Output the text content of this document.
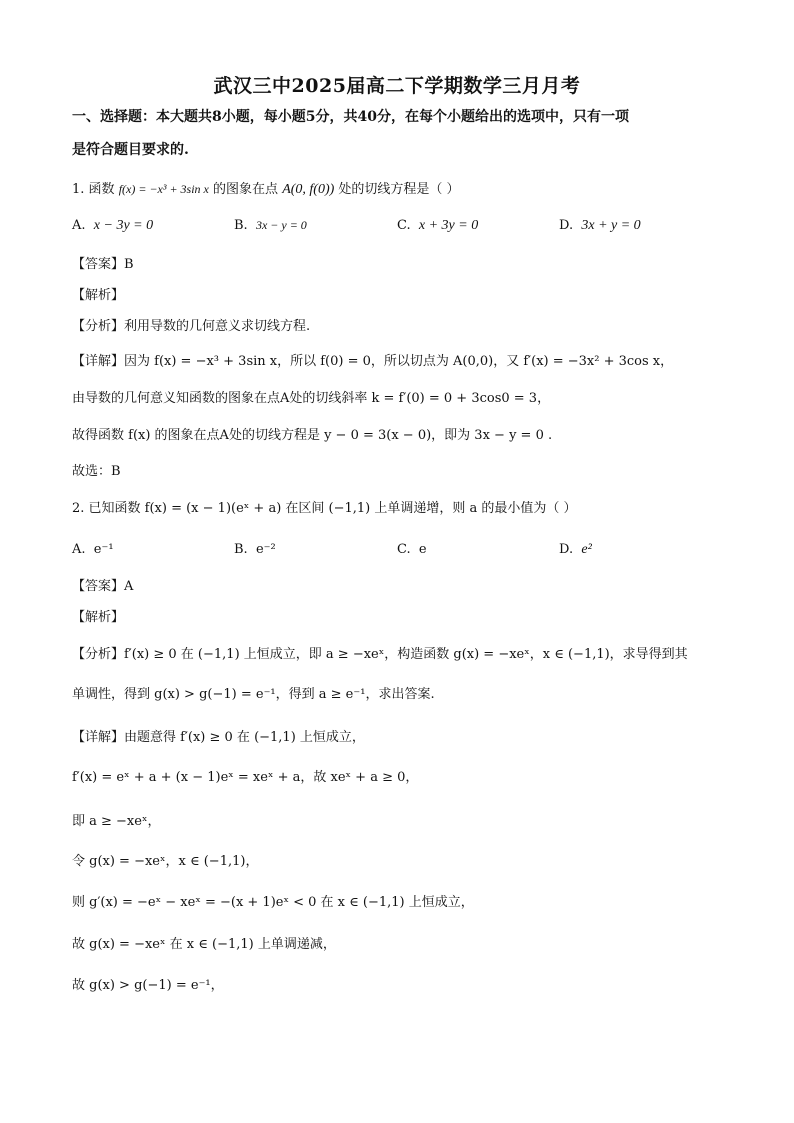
武汉三中2025届高二下学期数学三月月考
一、选择题：本大题共8小题，每小题5分，共40分，在每个小题给出的选项中，只有一项
是符合题目要求的.
1. 函数 f(x) = −x³ + 3sin x 的图象在点 A(0, f(0)) 处的切线方程是（ ）
A. x − 3y = 0	B. 3x − y = 0	C. x + 3y = 0	D. 3x + y = 0
【答案】B
【解析】
【分析】利用导数的几何意义求切线方程.
【详解】因为 f(x) = −x³ + 3sin x，所以 f(0) = 0，所以切点为 A(0,0)，又 f′(x) = −3x² + 3cos x，
由导数的几何意义知函数的图象在点A处的切线斜率 k = f′(0) = 0 + 3cos0 = 3，
故得函数 f(x) 的图象在点A处的切线方程是 y − 0 = 3(x − 0)，即为 3x − y = 0 .
故选：B
2. 已知函数 f(x) = (x − 1)(eˣ + a) 在区间 (−1,1) 上单调递增，则 a 的最小值为（ ）
A. e⁻¹	B. e⁻²	C. e	D. e²
【答案】A
【解析】
【分析】f′(x) ≥ 0 在 (−1,1) 上恒成立，即 a ≥ −xeˣ，构造函数 g(x) = −xeˣ，x ∈ (−1,1)，求导得到其
单调性，得到 g(x) > g(−1) = e⁻¹，得到 a ≥ e⁻¹，求出答案.
【详解】由题意得 f′(x) ≥ 0 在 (−1,1) 上恒成立，
f′(x) = eˣ + a + (x − 1)eˣ = xeˣ + a，故 xeˣ + a ≥ 0，
即 a ≥ −xeˣ，
令 g(x) = −xeˣ，x ∈ (−1,1)，
则 g′(x) = −eˣ − xeˣ = −(x + 1)eˣ < 0 在 x ∈ (−1,1) 上恒成立，
故 g(x) = −xeˣ 在 x ∈ (−1,1) 上单调递减，
故 g(x) > g(−1) = e⁻¹，
